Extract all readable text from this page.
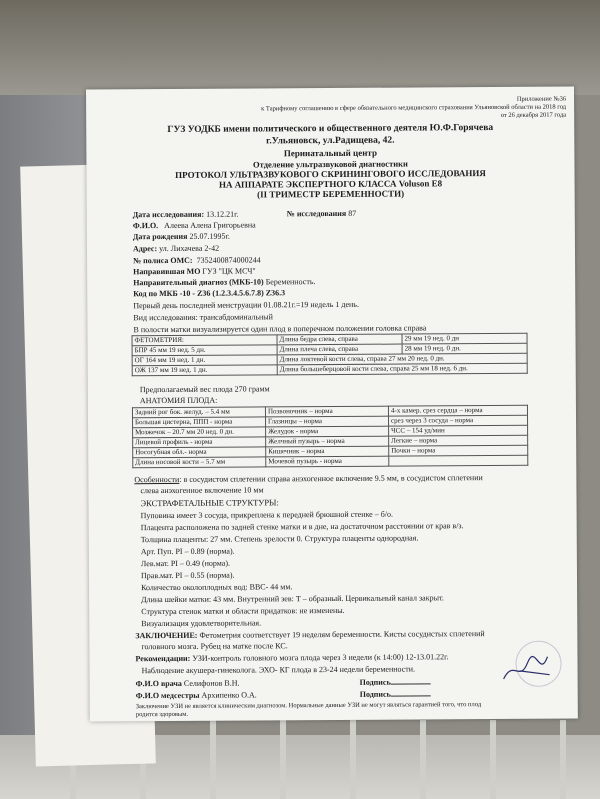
Приложение №36
к Тарифному соглашению в сфере обязательного медицинского страхования Ульяновской области на 2018 год
от 26 декабря 2017 года
ГУЗ УОДКБ имени политического и общественного деятеля Ю.Ф.Горячева
г.Ульяновск, ул.Радищева, 42.
Перинатальный центр
Отделение ультразвуковой диагностики
ПРОТОКОЛ УЛЬТРАЗВУКОВОГО СКРИНИНГОВОГО ИССЛЕДОВАНИЯ
НА АППАРАТЕ ЭКСПЕРТНОГО КЛАССА Voluson E8
(II ТРИМЕСТР БЕРЕМЕННОСТИ)
Дата исследования: 13.12.21г.	№ исследования 87
Ф.И.О. Алеева Алена Григорьевна
Дата рождения 25.07.1995г.
Адрес: ул. Лихачева 2-42
№ полиса ОМС: 7352400874000244
Направившая МО ГУЗ "ЦК МСЧ"
Направительный диагноз (МКБ-10) Беременность.
Код по МКБ -10 - Z36 (1.2.3.4.5.6.7.8) Z36.3
Первый день последней менструации 01.08.21г.=19 недель 1 день.
Вид исследования: трансабдоминальный
В полости матки визуализируется один плод в поперечном положении головка справа
ФЕТОМЕТРИЯ:	Длина бедра слева, справа	29 мм 19 нед. 0 дн
БПР 45 мм 19 нед. 5 дн.	Длина плеча слева, справа	28 мм 19 нед. 0 дн.
ОГ 164 мм 19 нед. 1 дн.	Длина локтевой кости слева, справа 27 мм 20 нед. 0 дн.	
ОЖ 137 мм 19 нед. 1 дн.	Длина большеберцовой кости слева, справа 25 мм 18 нед. 6 дн.	
Предполагаемый вес плода 270 грамм
АНАТОМИЯ ПЛОДА:
Задний рог бок. желуд. – 5.4 мм	Позвоночник – норма	4-х камер. срез сердца – норма
Большая цистерна, ППП - норма	Глазницы – норма	срез через 3 сосуда – норма
Мозжечок – 20.7 мм 20 нед. 0 дн.	Желудок - норма	ЧСС – 154 уд/мин
Лицевой профиль - норма	Желчный пузырь – норма	Легкие – норма
Носогубная обл.- норма	Кишечник – норма	Почки – норма
Длина носовой кости – 5.7 мм	Мочевой пузырь - норма	
Особенности: в сосудистом сплетении справа анэхогенное включение 9.5 мм, в сосудистом сплетении
слева анэхогенное включение 10 мм
ЭКСТРАФЕТАЛЬНЫЕ СТРУКТУРЫ:
Пуповина имеет 3 сосуда, прикреплена к передней брюшной стенке – б/о.
Плацента расположена по задней стенке матки и в дне, на достаточном расстоянии от крав в/з.
Толщина плаценты: 27 мм. Степень зрелости 0. Структура плаценты однородная.
Арт. Пуп. PI – 0.89 (норма).
Лев.мат. PI – 0.49 (норма).
Прав.мат. PI – 0.55 (норма).
Количество околоплодных вод: ВВС- 44 мм.
Длина шейки матки: 43 мм. Внутренний зев: Т – образный. Цервикальный канал закрыт.
Структура стенок матки и области придатков: не изменены.
Визуализация удовлетворительная.
ЗАКЛЮЧЕНИЕ: Фетометрия соответствует 19 неделям беременности. Кисты сосудистых сплетений
головного мозга. Рубец на матке после КС.
Рекомендации: УЗИ-контроль головного мозга плода через 3 недели (к 14:00) 12-13.01.22г.
Наблюдение акушера-гинеколога. ЭХО- КГ плода в 23-24 недели беременности.
Ф.И.О врача Селифонов В.Н.	Подпись
Ф.И.О медсестры Архипенко О.А.	Подпись
Заключение УЗИ не является клиническим диагнозом. Нормальные данные УЗИ не могут являться гарантией того, что плод
родится здоровым.
